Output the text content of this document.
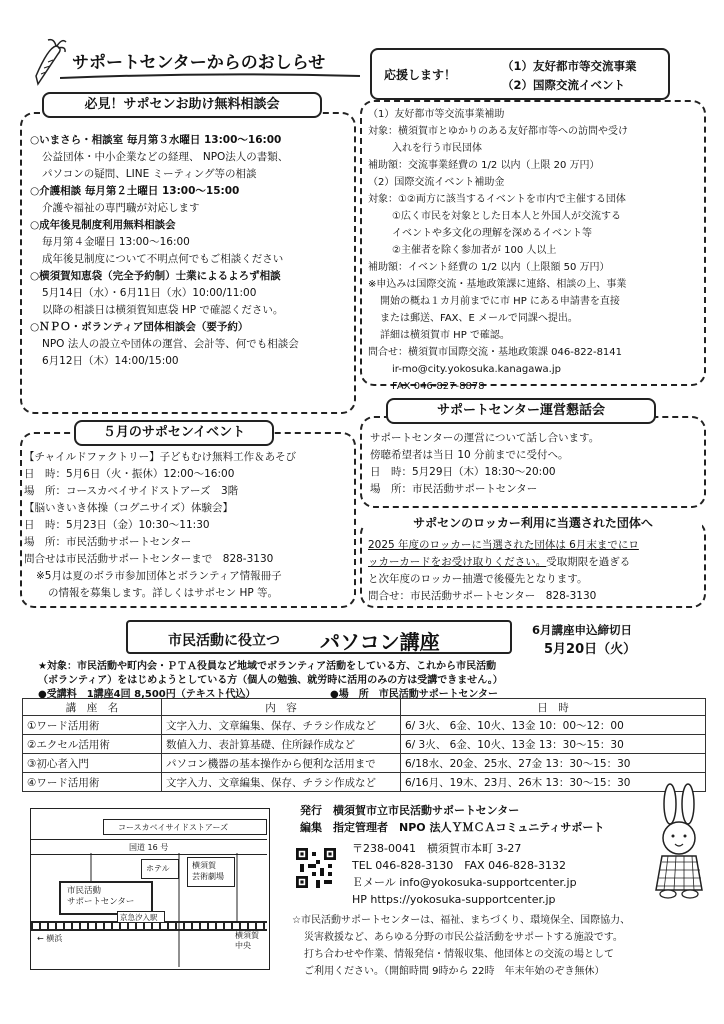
サポートセンターからのおしらせ
必見！サポセンお助け無料相談会
○いまさら・相談室 毎月第３水曜日 13:00～16:00
公益団体・中小企業などの経理、 NPO法人の書類、
パソコンの疑問、LINE ミーティング等の相談
○介護相談 毎月第２土曜日 13:00～15:00
介護や福祉の専門職が対応します
○成年後見制度利用無料相談会
毎月第４金曜日 13:00～16:00
成年後見制度について不明点何でもご相談ください
○横須賀知恵袋（完全予約制）士業によるよろず相談
5月14日（水）・6月11日（水）10:00/11:00
以降の相談日は横須賀知恵袋 HP で確認ください。
○ＮＰＯ・ボランティア団体相談会（要予約）
NPO 法人の設立や団体の運営、会計等、何でも相談会
6月12日（木）14:00/15:00
応援します！
（1）友好都市等交流事業
（2）国際交流イベント
（1）友好都市等交流事業補助
対象：横須賀市とゆかりのある友好都市等への訪問や受け
入れを行う市民団体
補助額：交流事業経費の 1/2 以内（上限 20 万円）
（2）国際交流イベント補助金
対象：①②両方に該当するイベントを市内で主催する団体
①広く市民を対象とした日本人と外国人が交流する
イベントや多文化の理解を深めるイベント等
②主催者を除く参加者が 100 人以上
補助額：イベント経費の 1/2 以内（上限額 50 万円）
※申込みは国際交流・基地政策課に連絡、相談の上、事業
開始の概ね１カ月前までに市 HP にある申請書を直接
または郵送、FAX、E メールで同課へ提出。
詳細は横須賀市 HP で確認。
問合せ：横須賀市国際交流・基地政策課 046-822-8141
ir-mo@city.yokosuka.kanagawa.jp
FAX 046-827-8878
５月のサポセンイベント
【チャイルドファクトリー】子どもむけ無料工作＆あそび
日　時：5月6日（火・振休）12:00～16:00
場　所：コースカベイサイドストアーズ　3階
【脳いきいき体操（コグニサイズ）体験会】
日　時：5月23日（金）10:30～11:30
場　所：市民活動サポートセンター
問合せは市民活動サポートセンターまで　828-3130
※5月は夏のボラ市参加団体とボランティア情報冊子
の情報を募集します。詳しくはサポセン HP 等。
サポートセンター運営懇話会
サポートセンターの運営について話し合います。
傍聴希望者は当日 10 分前までに受付へ。
日　時：5月29日（木）18:30～20:00
場　所：市民活動サポートセンター
サポセンのロッカー利用に当選された団体へ
2025 年度のロッカーに当選された団体は 6月末までにロ
ッカーカードをお受け取りください。受取期限を過ぎる
と次年度のロッカー抽選で後優先となります。
問合せ：市民活動サポートセンター　828-3130
市民活動に役立つ パソコン講座	6月講座申込締切日
5月20日（火）
★対象：市民活動や町内会・ＰＴＡ役員など地域でボランティア活動をしている方、これから市民活動
（ボランティア）をはじめようとしている方（個人の勉強、就労時に活用のみの方は受講できません。）
●受講料　1講座4回 8,500円（テキスト代込）	●場　所　市民活動サポートセンター
講　座　名	内　容	日　時
①ワード活用術	文字入力、文章編集、保存、チラシ作成など	6/ 3火、 6金、10火、13金 10：00～12：00
②エクセル活用術	数値入力、表計算基礎、住所録作成など	6/ 3火、 6金、10火、13金 13：30～15：30
③初心者入門	パソコン機器の基本操作から便利な活用まで	6/18水、20金、25水、27金 13：30～15：30
④ワード活用術	文字入力、文章編集、保存、チラシ作成など	6/16月、19木、23月、26木 13：30～15：30
コースカベイサイドストアーズ
国道 16 号
ホテル	横須賀
芸術劇場
市民活動
サポートセンター
京急汐入駅
← 横浜	横須賀
中央
発行　横須賀市立市民活動サポートセンター
編集　指定管理者　NPO 法人ＹＭＣＡコミュニティサポート
〒238-0041　横須賀市本町 3-27
TEL 046-828-3130　FAX 046-828-3132
Ｅメール info@yokosuka-supportcenter.jp
HP https://yokosuka-supportcenter.jp
☆市民活動サポートセンターは、福祉、まちづくり、環境保全、国際協力、
災害救援など、あらゆる分野の市民公益活動をサポートする施設です。
打ち合わせや作業、情報発信・情報収集、他団体との交流の場として
ご利用ください。（開館時間 9時から 22時　年末年始のぞき無休）
